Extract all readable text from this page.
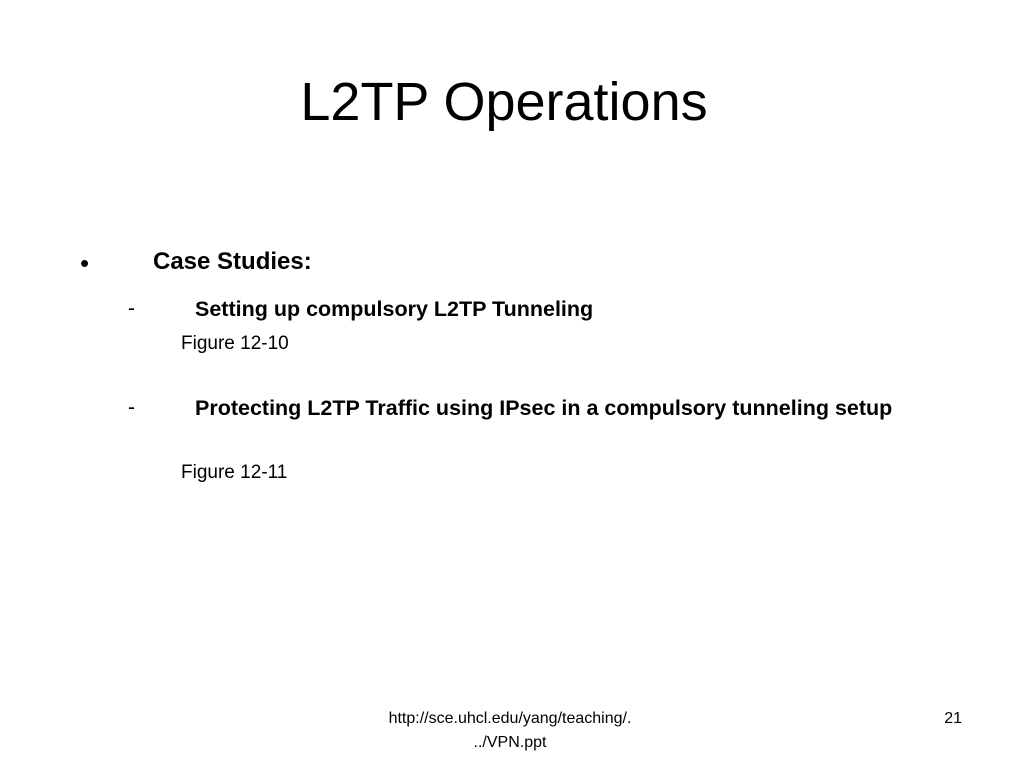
L2TP Operations
•	Case Studies:
-	Setting up compulsory L2TP Tunneling
Figure 12-10
-	Protecting L2TP Traffic using IPsec in a compulsory tunneling setup
Figure 12-11
http://sce.uhcl.edu/yang/teaching/.
../VPN.ppt
21
